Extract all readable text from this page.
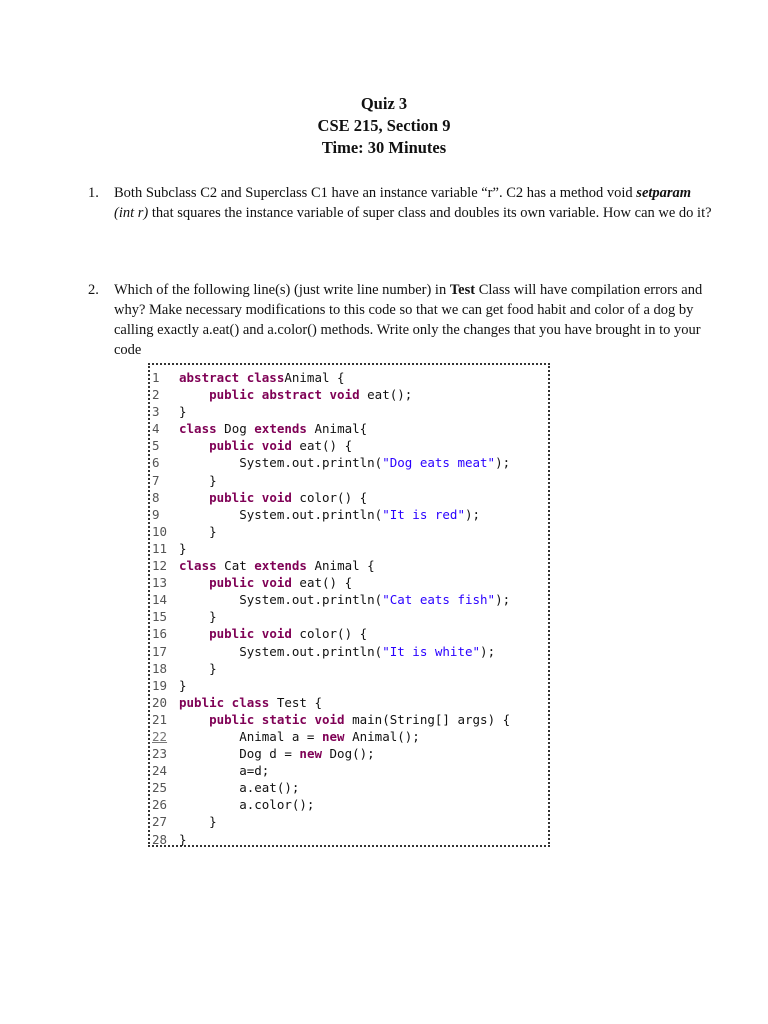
Quiz 3
CSE 215, Section 9
Time: 30 Minutes
1. Both Subclass C2 and Superclass C1 have an instance variable “r”. C2 has a method void setparam
(int r) that squares the instance variable of super class and doubles its own variable. How can we do it?
2. Which of the following line(s) (just write line number) in Test Class will have compilation errors and why? Make necessary modifications to this code so that we can get food habit and color of a dog by calling exactly a.eat() and a.color() methods. Write only the changes that you have brought in to your code
1	abstract classAnimal {
2	public abstract void eat();
3	}
4	class Dog extends Animal{
5	public void eat() {
6	System.out.println("Dog eats meat");
7	}
8	public void color() {
9	System.out.println("It is red");
10 }
11 }
12 class Cat extends Animal {
13	public void eat() {
14 System.out.println("Cat eats fish");
15 }
16	public void color() {
17 System.out.println("It is white");
18 }
19 }
20 public class Test {
21	public static void main(String[] args) {
22 Animal a = new Animal();
23 Dog d = new Dog();
24 a=d;
25 a.eat();
26 a.color();
27 }
28 }
